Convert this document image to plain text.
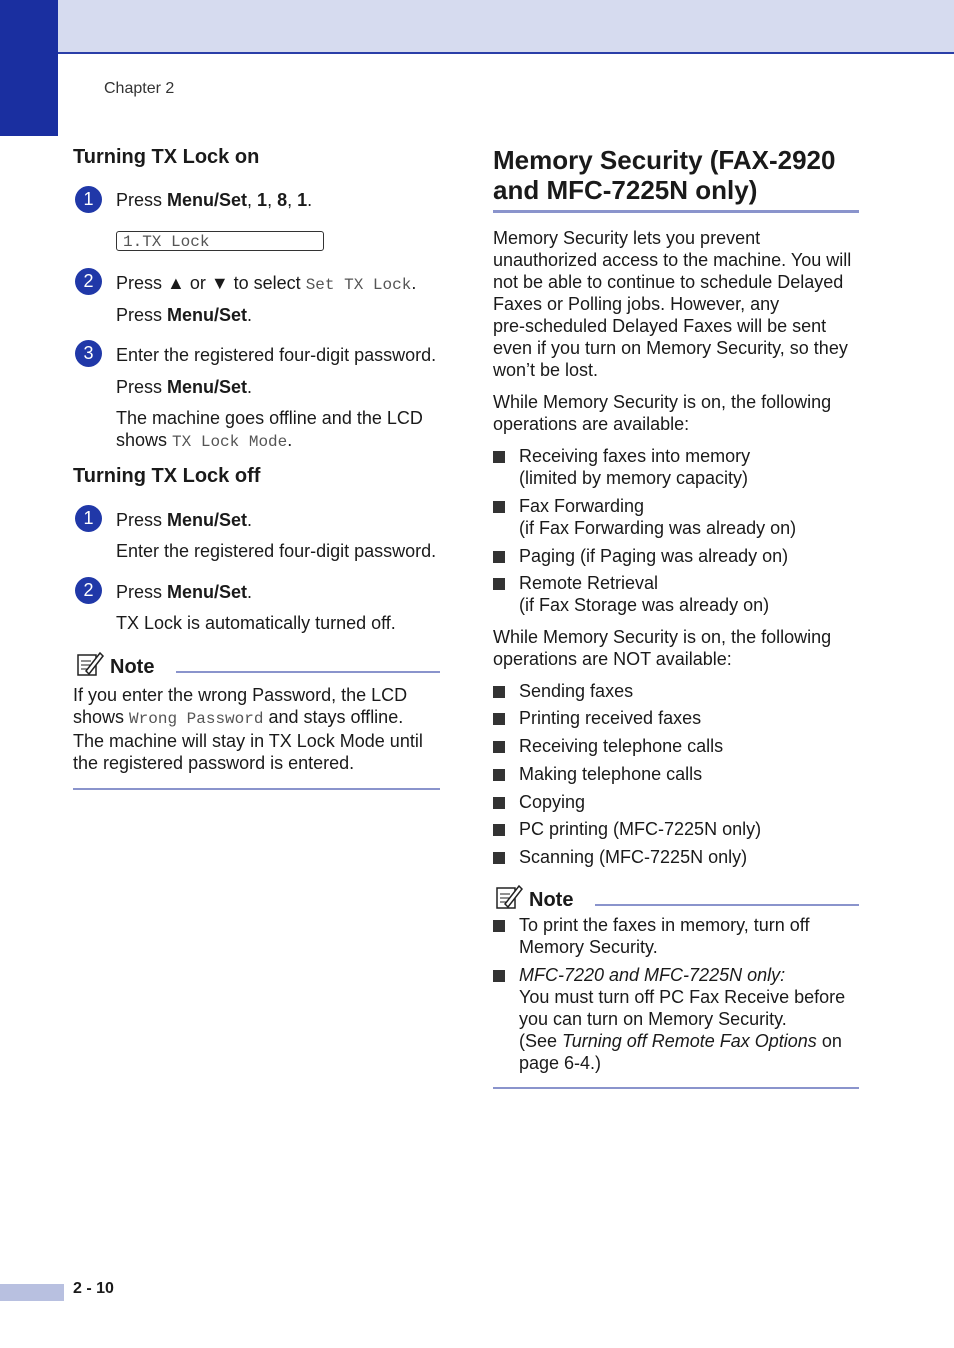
Chapter 2
Turning TX Lock on
1	Press Menu/Set, 1, 8, 1.
1.TX Lock
2	Press ▲ or ▼ to select Set TX Lock.
Press Menu/Set.
3	Enter the registered four-digit password.
Press Menu/Set.
The machine goes offline and the LCD
shows TX Lock Mode.
Turning TX Lock off
1	Press Menu/Set.
Enter the registered four-digit password.
2	Press Menu/Set.
TX Lock is automatically turned off.
Note
If you enter the wrong Password, the LCD
shows Wrong Password and stays offline.
The machine will stay in TX Lock Mode until
the registered password is entered.
Memory Security (FAX-2920
and MFC-7225N only)
Memory Security lets you prevent
unauthorized access to the machine. You will
not be able to continue to schedule Delayed
Faxes or Polling jobs. However, any
pre-scheduled Delayed Faxes will be sent
even if you turn on Memory Security, so they
won’t be lost.
While Memory Security is on, the following
operations are available:
Receiving faxes into memory
(limited by memory capacity)
Fax Forwarding
(if Fax Forwarding was already on)
Paging (if Paging was already on)
Remote Retrieval
(if Fax Storage was already on)
While Memory Security is on, the following
operations are NOT available:
Sending faxes
Printing received faxes
Receiving telephone calls
Making telephone calls
Copying
PC printing (MFC-7225N only)
Scanning (MFC-7225N only)
Note
To print the faxes in memory, turn off
Memory Security.
MFC-7220 and MFC-7225N only:
You must turn off PC Fax Receive before
you can turn on Memory Security.
(See Turning off Remote Fax Options on
page 6-4.)
2 - 10
